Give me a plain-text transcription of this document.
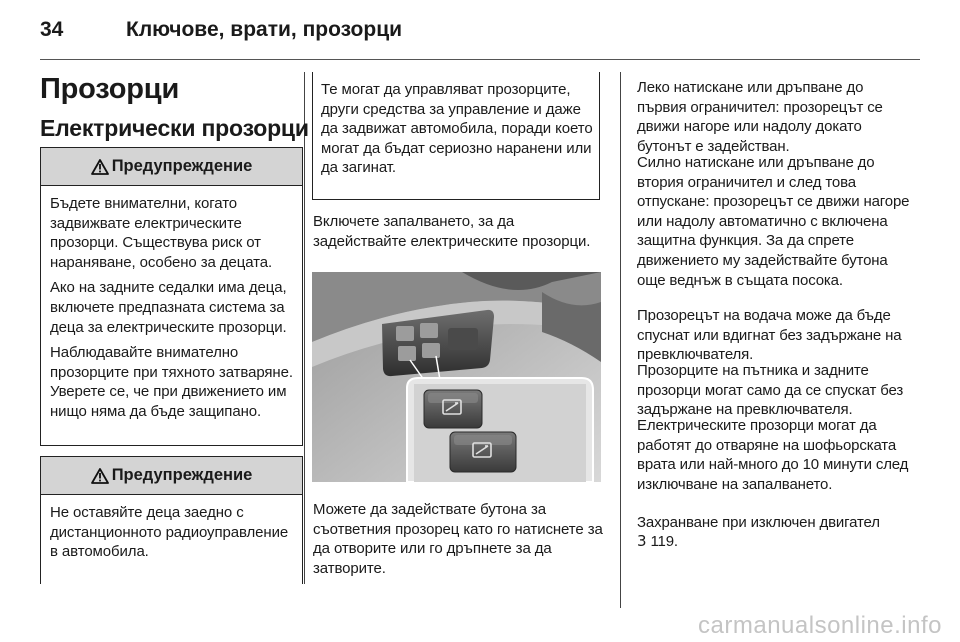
34	Ключове, врати, прозорци
Прозорци
Електрически прозорци
Предупреждение

Бъдете внимателни, когато задвижвате електрическите прозорци. Съществува риск от нараняване, особено за децата.

Ако на задните седалки има деца, включете предпазната система за деца за електрическите прозорци.

Наблюдавайте внимателно прозорците при тяхното затваряне. Уверете се, че при движението им нищо няма да бъде защипано.

Предупреждение

Не оставяйте деца заедно с дистанционното радиоуправление в автомобила.

Те могат да управляват прозорците, други средства за управление и даже да задвижат автомобила, поради което могат да бъдат сериозно наранени или да загинат.

Включете запалването, за да задействайте електрическите прозорци.
Можете да задействате бутона за съответния прозорец като го натиснете за да отворите или го дръпнете за да затворите.
Леко натискане или дръпване до първия ограничител: прозорецът се движи нагоре или надолу докато бутонът е задействан.
Силно натискане или дръпване до втория ограничител и след това отпускане: прозорецът се движи нагоре или надолу автоматично с включена защитна функция. За да спрете движението му задействайте бутона още веднъж в същата посока.
Прозорецът на водача може да бъде спуснат или вдигнат без задържане на превключвателя.
Прозорците на пътника и задните прозорци могат само да се спускат без задържане на превключвателя.
Електрическите прозорци могат да работят до отваряне на шофьорската врата или най-много до 10 минути след изключване на запалването.
Захранване при изключен двигател
3 119.
carmanualsonline.info
